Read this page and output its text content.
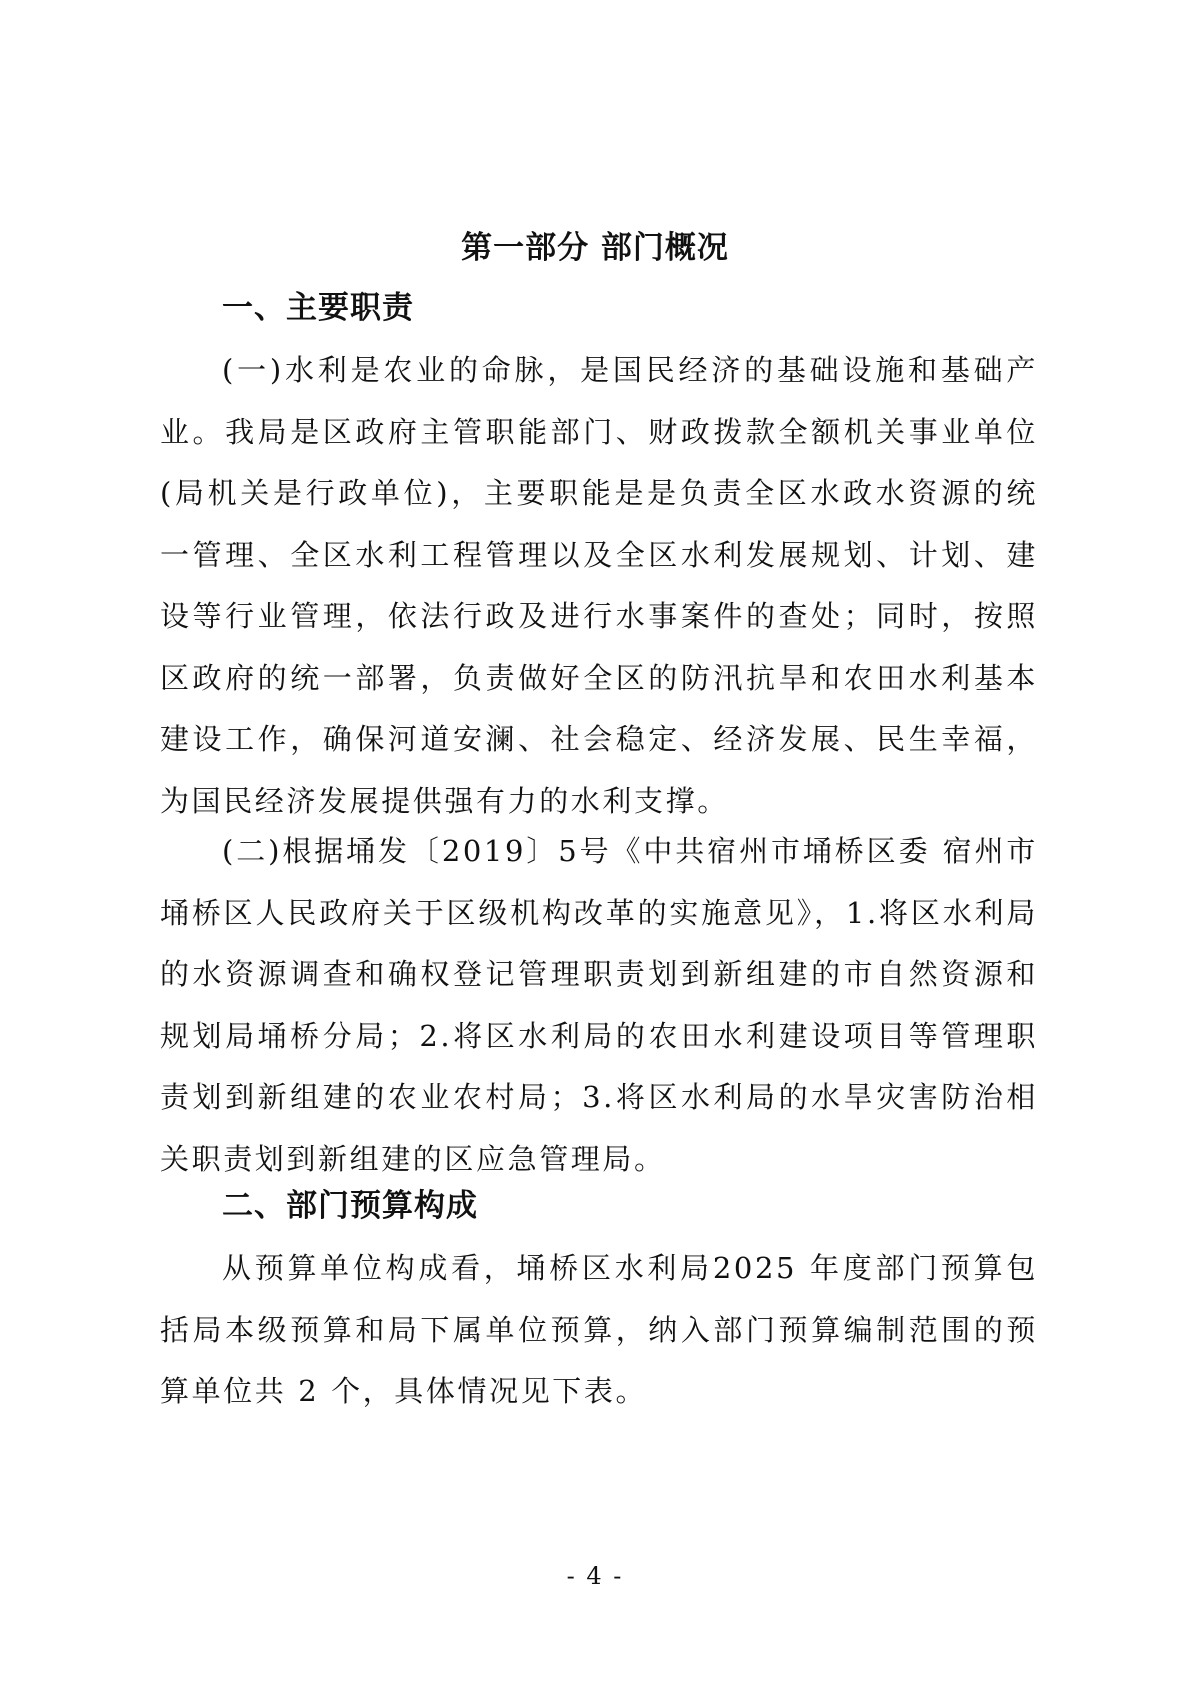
第一部分 部门概况
一、主要职责

(一)水利是农业的命脉，是国民经济的基础设施和基础产业。我局是区政府主管职能部门、财政拨款全额机关事业单位(局机关是行政单位)，主要职能是是负责全区水政水资源的统一管理、全区水利工程管理以及全区水利发展规划、计划、建设等行业管理，依法行政及进行水事案件的查处；同时，按照区政府的统一部署，负责做好全区的防汛抗旱和农田水利基本建设工作，确保河道安澜、社会稳定、经济发展、民生幸福，为国民经济发展提供强有力的水利支撑。

(二)根据埇发〔2019〕5号《中共宿州市埇桥区委 宿州市埇桥区人民政府关于区级机构改革的实施意见》，1.将区水利局的水资源调查和确权登记管理职责划到新组建的市自然资源和规划局埇桥分局；2.将区水利局的农田水利建设项目等管理职责划到新组建的农业农村局；3.将区水利局的水旱灾害防治相关职责划到新组建的区应急管理局。

二、部门预算构成

从预算单位构成看，埇桥区水利局2025 年度部门预算包括局本级预算和局下属单位预算，纳入部门预算编制范围的预算单位共 2 个，具体情况见下表。

- 4 -
